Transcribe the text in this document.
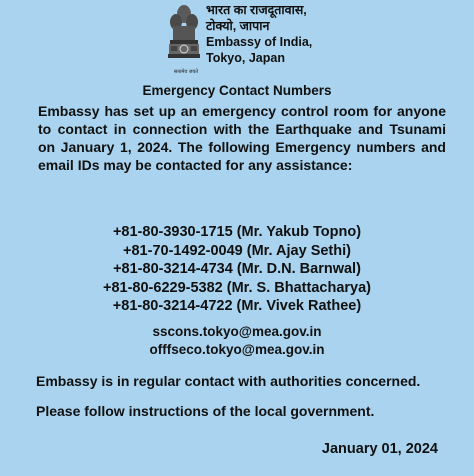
सत्यमेव जयते
भारत का राजदूतावास,
टोक्यो, जापान
Embassy of India,
Tokyo, Japan
Emergency Contact Numbers
Embassy has set up an emergency control room for anyone to contact in connection with the Earthquake and Tsunami on January 1, 2024. The following Emergency numbers and email IDs may be contacted for any assistance:
+81-80-3930-1715 (Mr. Yakub Topno)
+81-70-1492-0049 (Mr. Ajay Sethi)
+81-80-3214-4734 (Mr. D.N. Barnwal)
+81-80-6229-5382 (Mr. S. Bhattacharya)
+81-80-3214-4722 (Mr. Vivek Rathee)
sscons.tokyo@mea.gov.in
offfseco.tokyo@mea.gov.in
Embassy is in regular contact with authorities concerned.
Please follow instructions of the local government.
January 01, 2024
